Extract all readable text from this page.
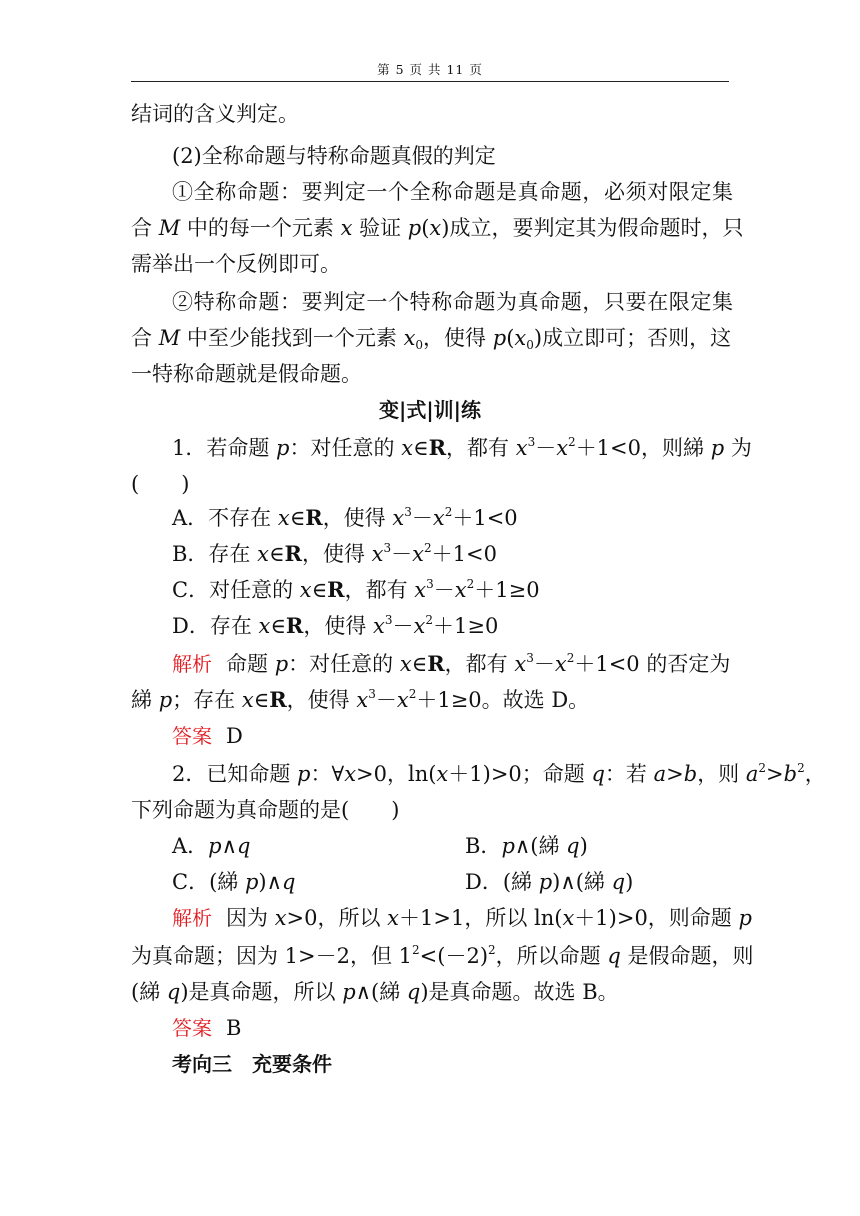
第 5 页 共 11 页
结词的含义判定。
(2)全称命题与特称命题真假的判定
①全称命题：要判定一个全称命题是真命题，必须对限定集
合 M 中的每一个元素 x 验证 p(x)成立，要判定其为假命题时，只
需举出一个反例即可。
②特称命题：要判定一个特称命题为真命题，只要在限定集
合 M 中至少能找到一个元素 $x_0$，使得 $p(x_0)$成立即可；否则，这
一特称命题就是假命题。
变|式|训|练
1．若命题 p：对任意的 x∈R，都有 $x^3-x^2+1<0$，则綈 p 为
(　　)
A．不存在 x∈R，使得 $x^3-x^2+1<0$
B．存在 x∈R，使得 $x^3-x^2+1<0$
C．对任意的 x∈R，都有 $x^3-x^2+1\ge 0$
D．存在 x∈R，使得 $x^3-x^2+1\ge 0$
解析 命题 p：对任意的 x∈R，都有 $x^3-x^2+1<0$ 的否定为
綈 p；存在 x∈R，使得 $x^3-x^2+1\ge 0$。故选 D。
答案 D
2．已知命题 p：∀x>0，ln(x＋1)>0；命题 q：若 a>b，则 $a^2>b^2$，
下列命题为真命题的是(　　)
A．p∧q	B．p∧(綈 q)
C．(綈 p)∧q	D．(綈 p)∧(綈 q)
解析 因为 x>0，所以 x＋1>1，所以 ln(x＋1)>0，则命题 p
为真命题；因为 1>－2，但 $1^2<(-2)^2$，所以命题 q 是假命题，则
(綈 q)是真命题，所以 p∧(綈 q)是真命题。故选 B。
答案 B
考向三　充要条件
